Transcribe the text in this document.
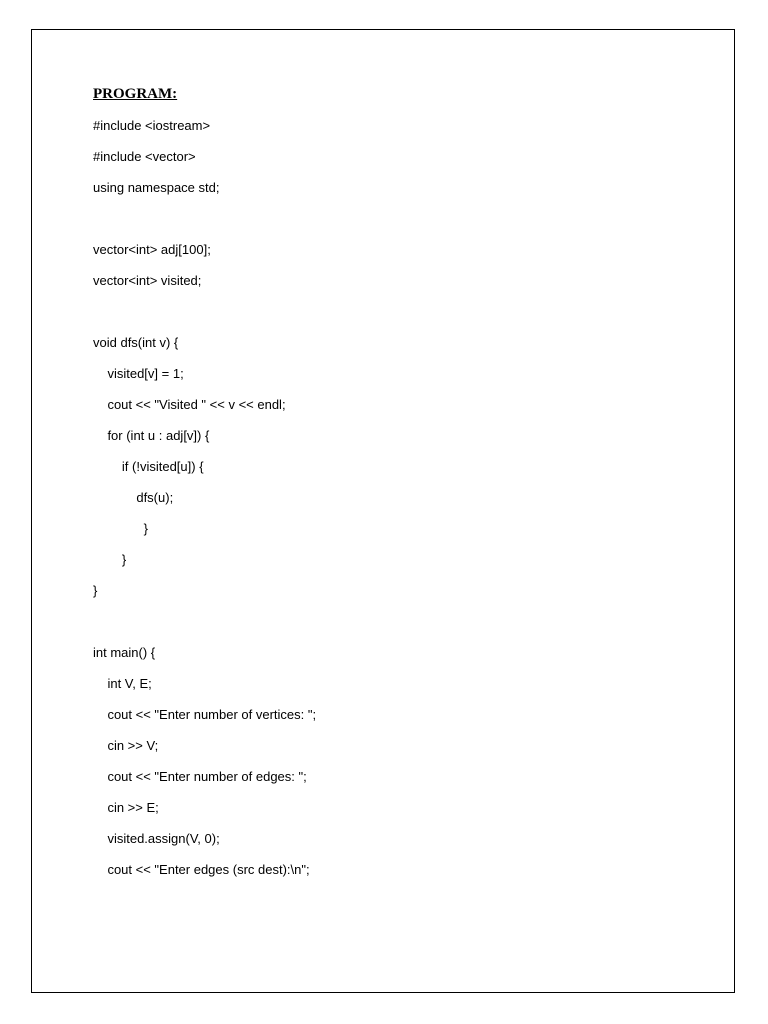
PROGRAM:
#include <iostream>
#include <vector>
using namespace std;
vector<int> adj[100];
vector<int> visited;
void dfs(int v) {
visited[v] = 1;
cout << "Visited " << v << endl;
for (int u : adj[v]) {
if (!visited[u]) {
dfs(u);
}
}
}
int main() {
int V, E;
cout << "Enter number of vertices: ";
cin >> V;
cout << "Enter number of edges: ";
cin >> E;
visited.assign(V, 0);
cout << "Enter edges (src dest):\n";
